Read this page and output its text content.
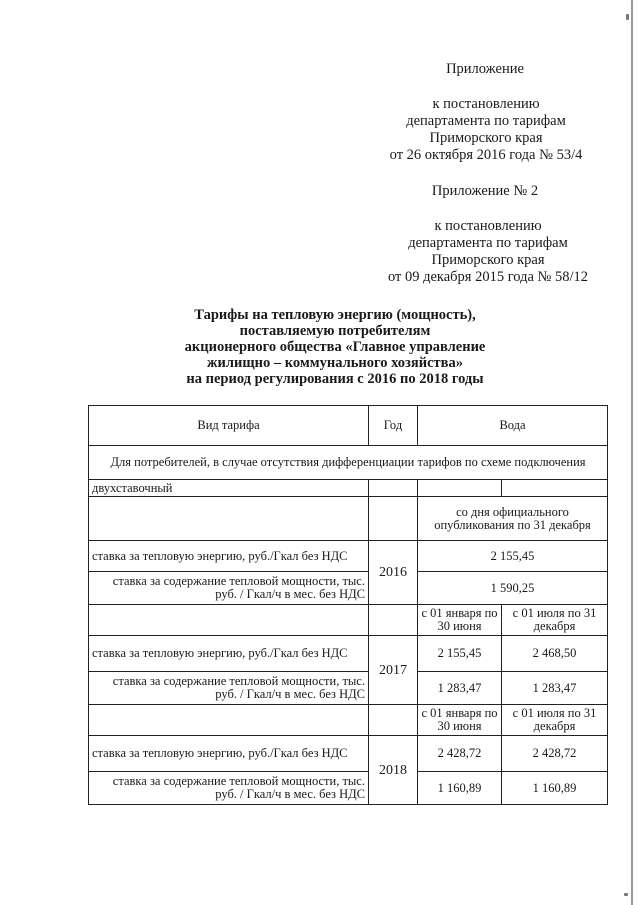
Приложение
к постановлению
департамента по тарифам
Приморского края
от 26 октября 2016 года № 53/4
Приложение № 2
к постановлению
департамента по тарифам
Приморского края
от 09 декабря 2015 года № 58/12
Тарифы на тепловую энергию (мощность),
поставляемую потребителям
акционерного общества «Главное управление
жилищно – коммунального хозяйства»
на период регулирования с 2016 по 2018 годы
Вид тарифа	Год	Вода	
Для потребителей, в случае отсутствия дифференциации тарифов по схеме подключения			
двухставочный			
		со дня официального опубликования по 31 декабря	
ставка за тепловую энергию, руб./Гкал без НДС	2016	2 155,45	
ставка за содержание тепловой мощности, тыс. руб. / Гкал/ч в мес. без НДС		1 590,25	
		с 01 января по 30 июня	с 01 июля по 31 декабря
ставка за тепловую энергию, руб./Гкал без НДС	2017	2 155,45	2 468,50
ставка за содержание тепловой мощности, тыс. руб. / Гкал/ч в мес. без НДС		1 283,47	1 283,47
		с 01 января по 30 июня	с 01 июля по 31 декабря
ставка за тепловую энергию, руб./Гкал без НДС	2018	2 428,72	2 428,72
ставка за содержание тепловой мощности, тыс. руб. / Гкал/ч в мес. без НДС		1 160,89	1 160,89
